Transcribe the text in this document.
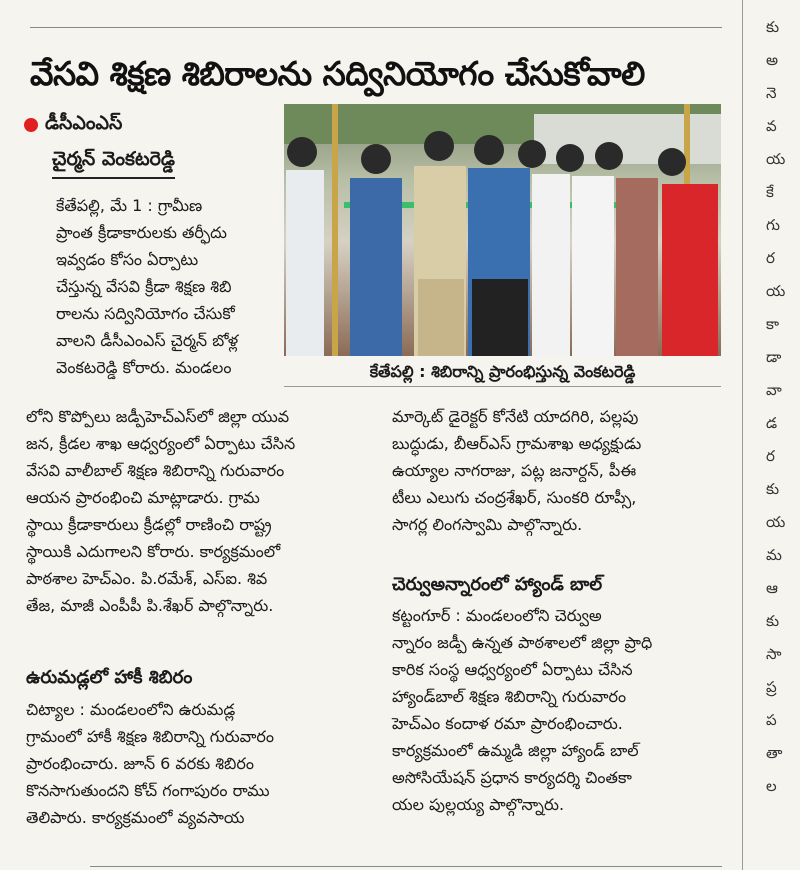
వేసవి శిక్షణ శిబిరాలను సద్వినియోగం చేసుకోవాలి
డీసీఎంఎస్
చైర్మన్ వెంకటరెడ్డి
కేతేపల్లి : శిబిరాన్ని ప్రారంభిస్తున్న వెంకటరెడ్డి

కేతేపల్లి, మే 1 : గ్రామీణ

ప్రాంత క్రీడాకారులకు తర్ఫీదు

ఇవ్వడం కోసం ఏర్పాటు

చేస్తున్న వేసవి క్రీడా శిక్షణ శిబి

రాలను సద్వినియోగం చేసుకో

వాలని డీసీఎంఎస్ చైర్మన్ బోళ్ల

వెంకటరెడ్డి కోరారు. మండలం

లోని కొప్పోలు జడ్పీహెచ్ఎస్‌లో జిల్లా యువ

జన, క్రీడల శాఖ ఆధ్వర్యంలో ఏర్పాటు చేసిన

వేసవి వాలీబాల్ శిక్షణ శిబిరాన్ని గురువారం

ఆయన ప్రారంభించి మాట్లాడారు. గ్రామ

స్థాయి క్రీడాకారులు క్రీడల్లో రాణించి రాష్ట్ర

స్థాయికి ఎదుగాలని కోరారు. కార్యక్రమంలో

పాఠశాల హెచ్ఎం. పి.రమేశ్, ఎస్ఐ. శివ

తేజ, మాజీ ఎంపీపీ పి.శేఖర్ పాల్గొన్నారు.

ఉరుమడ్లలో హాకీ శిబిరం

చిట్యాల : మండలంలోని ఉరుమడ్ల

గ్రామంలో హాకీ శిక్షణ శిబిరాన్ని గురువారం

ప్రారంభించారు. జూన్ 6 వరకు శిబిరం

కొనసాగుతుందని కోచ్ గంగాపురం రాము

తెలిపారు. కార్యక్రమంలో వ్యవసాయ

మార్కెట్ డైరెక్టర్ కోనేటి యాదగిరి, పల్లపు

బుద్ధుడు, బీఆర్ఎస్ గ్రామశాఖ అధ్యక్షుడు

ఉయ్యాల నాగరాజు, పట్ల జనార్దన్, పీఈ

టీలు ఎలుగు చంద్రశేఖర్, సుంకరి రూప్సీ,

సాగర్ల లింగస్వామి పాల్గొన్నారు.

చెర్వుఅన్నారంలో హ్యాండ్ బాల్

కట్టంగూర్ : మండలంలోని చెర్వుఅ

న్నారం జడ్పీ ఉన్నత పాఠశాలలో జిల్లా ప్రాధి

కారిక సంస్థ ఆధ్వర్యంలో ఏర్పాటు చేసిన

హ్యాండ్‌బాల్ శిక్షణ శిబిరాన్ని గురువారం

హెచ్ఎం కందాళ రమా ప్రారంభించారు.

కార్యక్రమంలో ఉమ్మడి జిల్లా హ్యాండ్ బాల్

అసోసియేషన్ ప్రధాన కార్యదర్శి చింతకా

యల పుల్లయ్య పాల్గొన్నారు.

కు
అ
నె
వ
య
కే
గు
ర
య
కా
డా
వా
డ
ర
కు
య
మ
ఆ
కు
సా
ప్ర
ప
తా
ల
